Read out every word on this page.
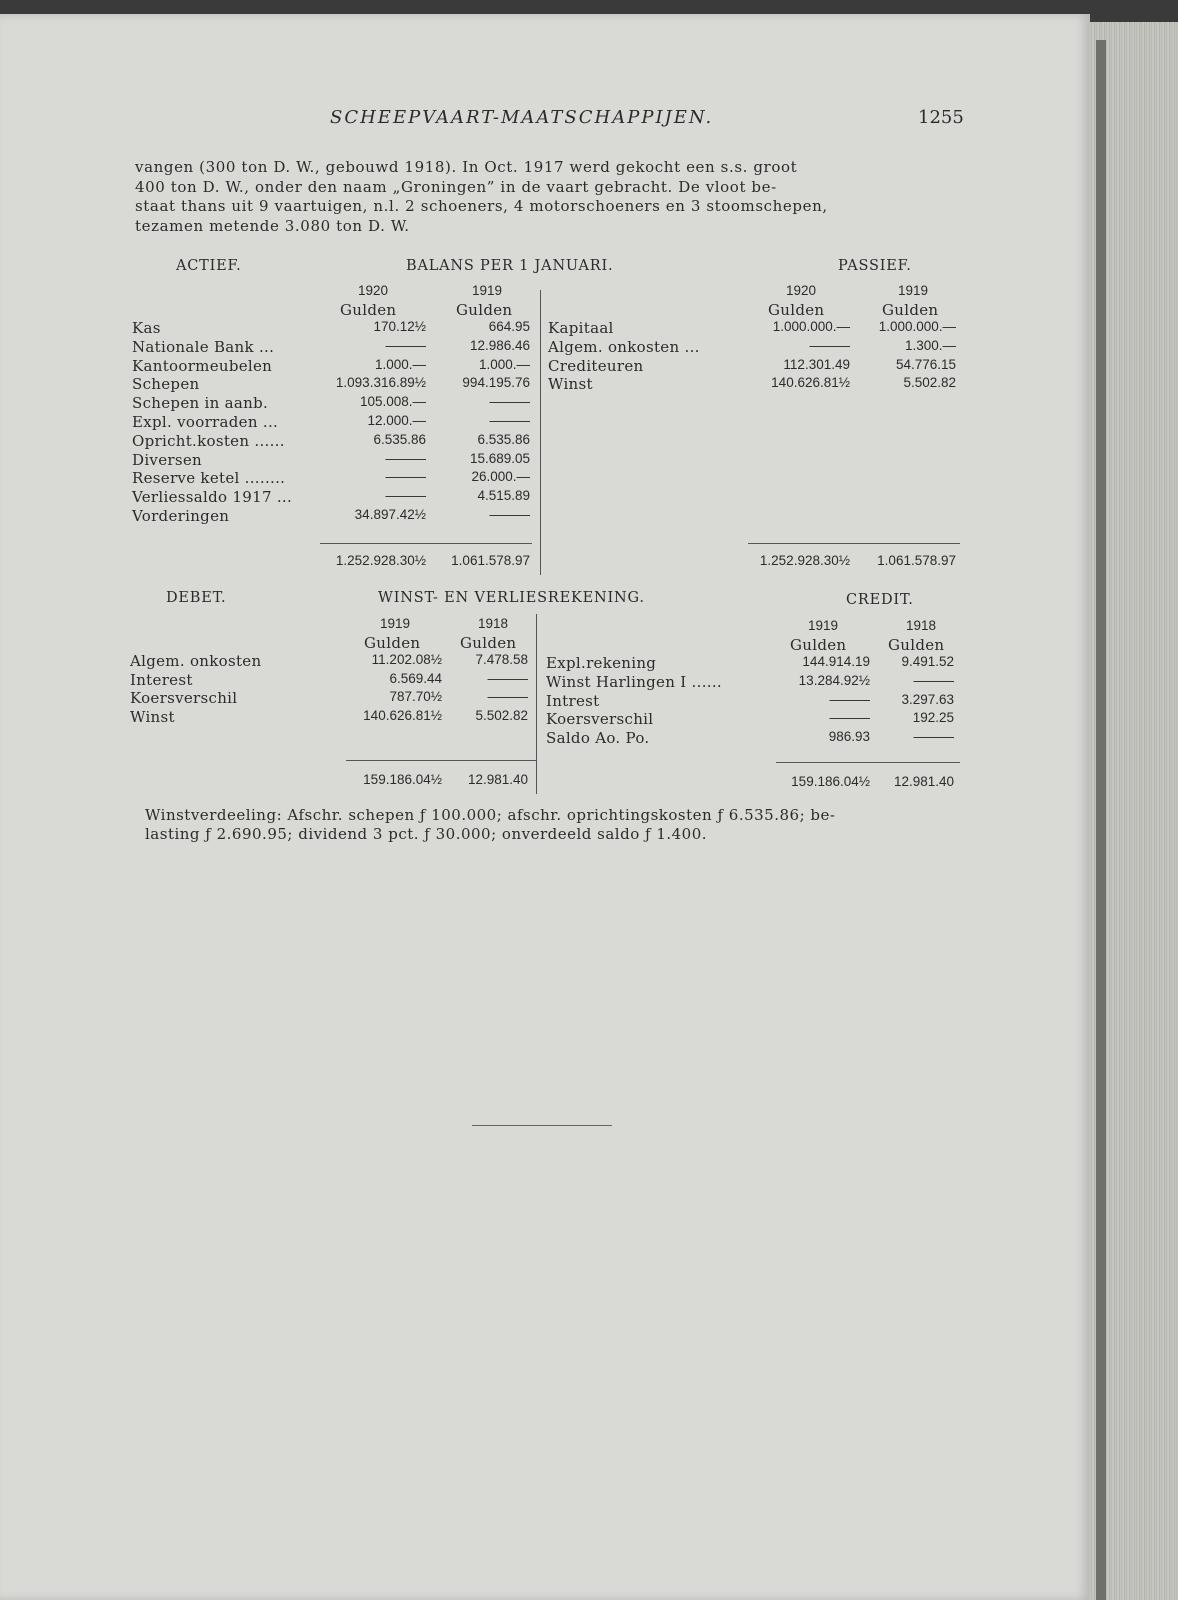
SCHEEPVAART-MAATSCHAPPIJEN.	1255

vangen (300 ton D. W., gebouwd 1918). In Oct. 1917 werd gekocht een s.s. groot

400 ton D. W., onder den naam „Groningen” in de vaart gebracht. De vloot be-

staat thans uit 9 vaartuigen, n.l. 2 schoeners, 4 motorschoeners en 3 stoomschepen,

tezamen metende 3.080 ton D. W.

ACTIEF.	BALANS PER 1 JANUARI.	PASSIEF.
1920	1919
Gulden	Gulden
1920	1919
Gulden	Gulden
Kas	170.12½	664.95
Nationale Bank ...	———	12.986.46
Kantoormeubelen	1.000.—	1.000.—
Schepen	1.093.316.89½	994.195.76
Schepen in aanb.	105.008.—	———
Expl. voorraden ...	12.000.—	———
Opricht.kosten ......	6.535.86	6.535.86
Diversen	———	15.689.05
Reserve ketel ........	———	26.000.—
Verliessaldo 1917 ...	———	4.515.89
Vorderingen	34.897.42½	———
Kapitaal	1.000.000.—	1.000.000.—
Algem. onkosten ...	———	1.300.—
Crediteuren	112.301.49	54.776.15
Winst	140.626.81½	5.502.82
1.252.928.30½	1.061.578.97	1.252.928.30½	1.061.578.97
DEBET.	WINST- EN VERLIESREKENING.	CREDIT.
1919	1918
Gulden	Gulden
1919	1918
Gulden	Gulden
Algem. onkosten	11.202.08½	7.478.58
Interest	6.569.44	———
Koersverschil	787.70½	———
Winst	140.626.81½	5.502.82
Expl.rekening	144.914.19	9.491.52
Winst Harlingen I ......	13.284.92½	———
Intrest	———	3.297.63
Koersverschil	———	192.25
Saldo Ao. Po.	986.93	———
159.186.04½	12.981.40	159.186.04½	12.981.40
Winstverdeeling: Afschr. schepen ƒ 100.000; afschr. oprichtingskosten ƒ 6.535.86; be-
lasting ƒ 2.690.95; dividend 3 pct. ƒ 30.000; onverdeeld saldo ƒ 1.400.
